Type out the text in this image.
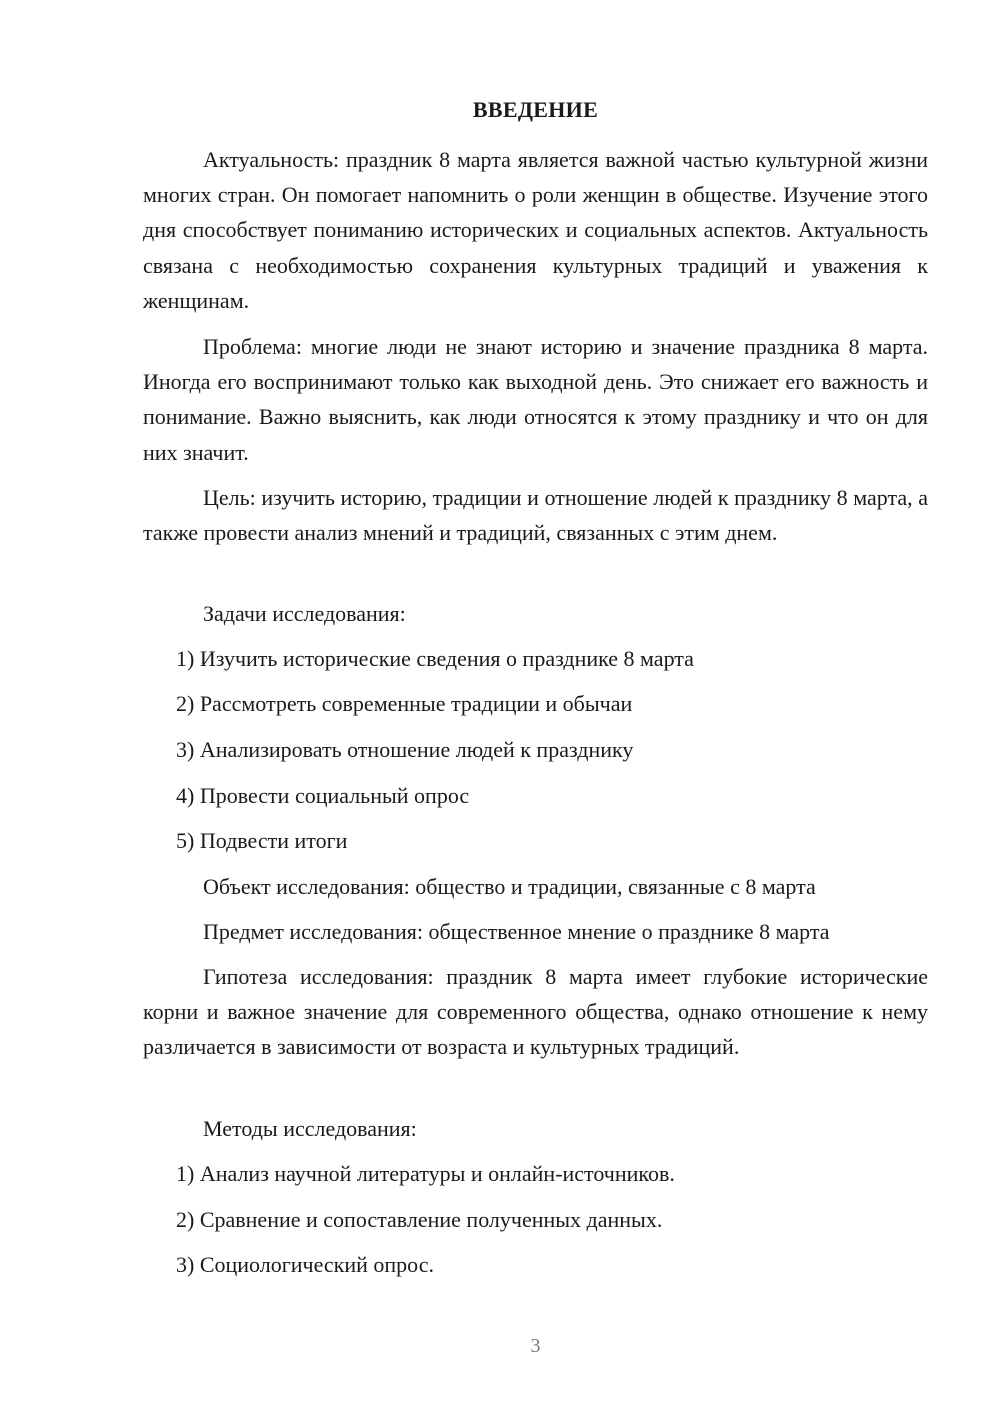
ВВЕДЕНИЕ

Актуальность: праздник 8 марта является важной частью культурной жизни многих стран. Он помогает напомнить о роли женщин в обществе. Изучение этого дня способствует пониманию исторических и социальных аспектов. Актуальность связана с необходимостью сохранения культурных традиций и уважения к женщинам.

Проблема: многие люди не знают историю и значение праздника 8 марта. Иногда его воспринимают только как выходной день. Это снижает его важность и понимание. Важно выяснить, как люди относятся к этому празднику и что он для них значит.

Цель: изучить историю, традиции и отношение людей к празднику 8 марта, а также провести анализ мнений и традиций, связанных с этим днем.

Задачи исследования:

1) Изучить исторические сведения о празднике 8 марта

2) Рассмотреть современные традиции и обычаи

3) Анализировать отношение людей к празднику

4) Провести социальный опрос

5) Подвести итоги

Объект исследования: общество и традиции, связанные с 8 марта

Предмет исследования: общественное мнение о празднике 8 марта

Гипотеза исследования: праздник 8 марта имеет глубокие исторические корни и важное значение для современного общества, однако отношение к нему различается в зависимости от возраста и культурных традиций.

Методы исследования:

1) Анализ научной литературы и онлайн-источников.

2) Сравнение и сопоставление полученных данных.

3) Социологический опрос.

3
